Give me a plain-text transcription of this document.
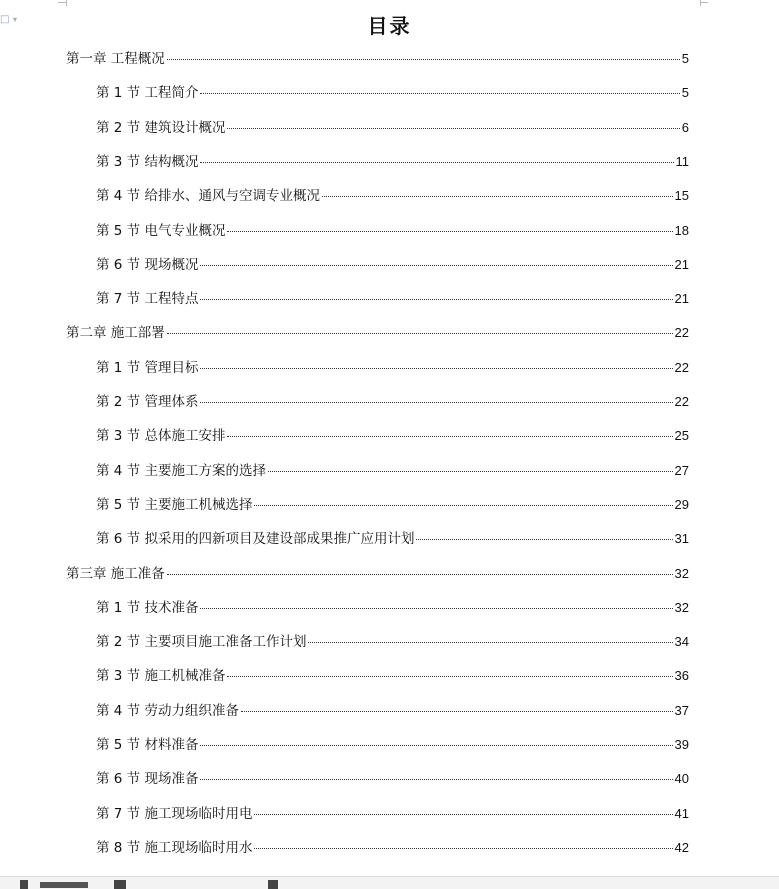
□ ▾	目录
第一章 工程概况	5
第 1 节 工程简介	5
第 2 节 建筑设计概况	6
第 3 节 结构概况	11
第 4 节 给排水、通风与空调专业概况	15
第 5 节 电气专业概况	18
第 6 节 现场概况	21
第 7 节 工程特点	21
第二章 施工部署	22
第 1 节 管理目标	22
第 2 节 管理体系	22
第 3 节 总体施工安排	25
第 4 节 主要施工方案的选择	27
第 5 节 主要施工机械选择	29
第 6 节 拟采用的四新项目及建设部成果推广应用计划	31
第三章 施工准备	32
第 1 节 技术准备	32
第 2 节 主要项目施工准备工作计划	34
第 3 节 施工机械准备	36
第 4 节 劳动力组织准备	37
第 5 节 材料准备	39
第 6 节 现场准备	40
第 7 节 施工现场临时用电	41
第 8 节 施工现场临时用水	42
